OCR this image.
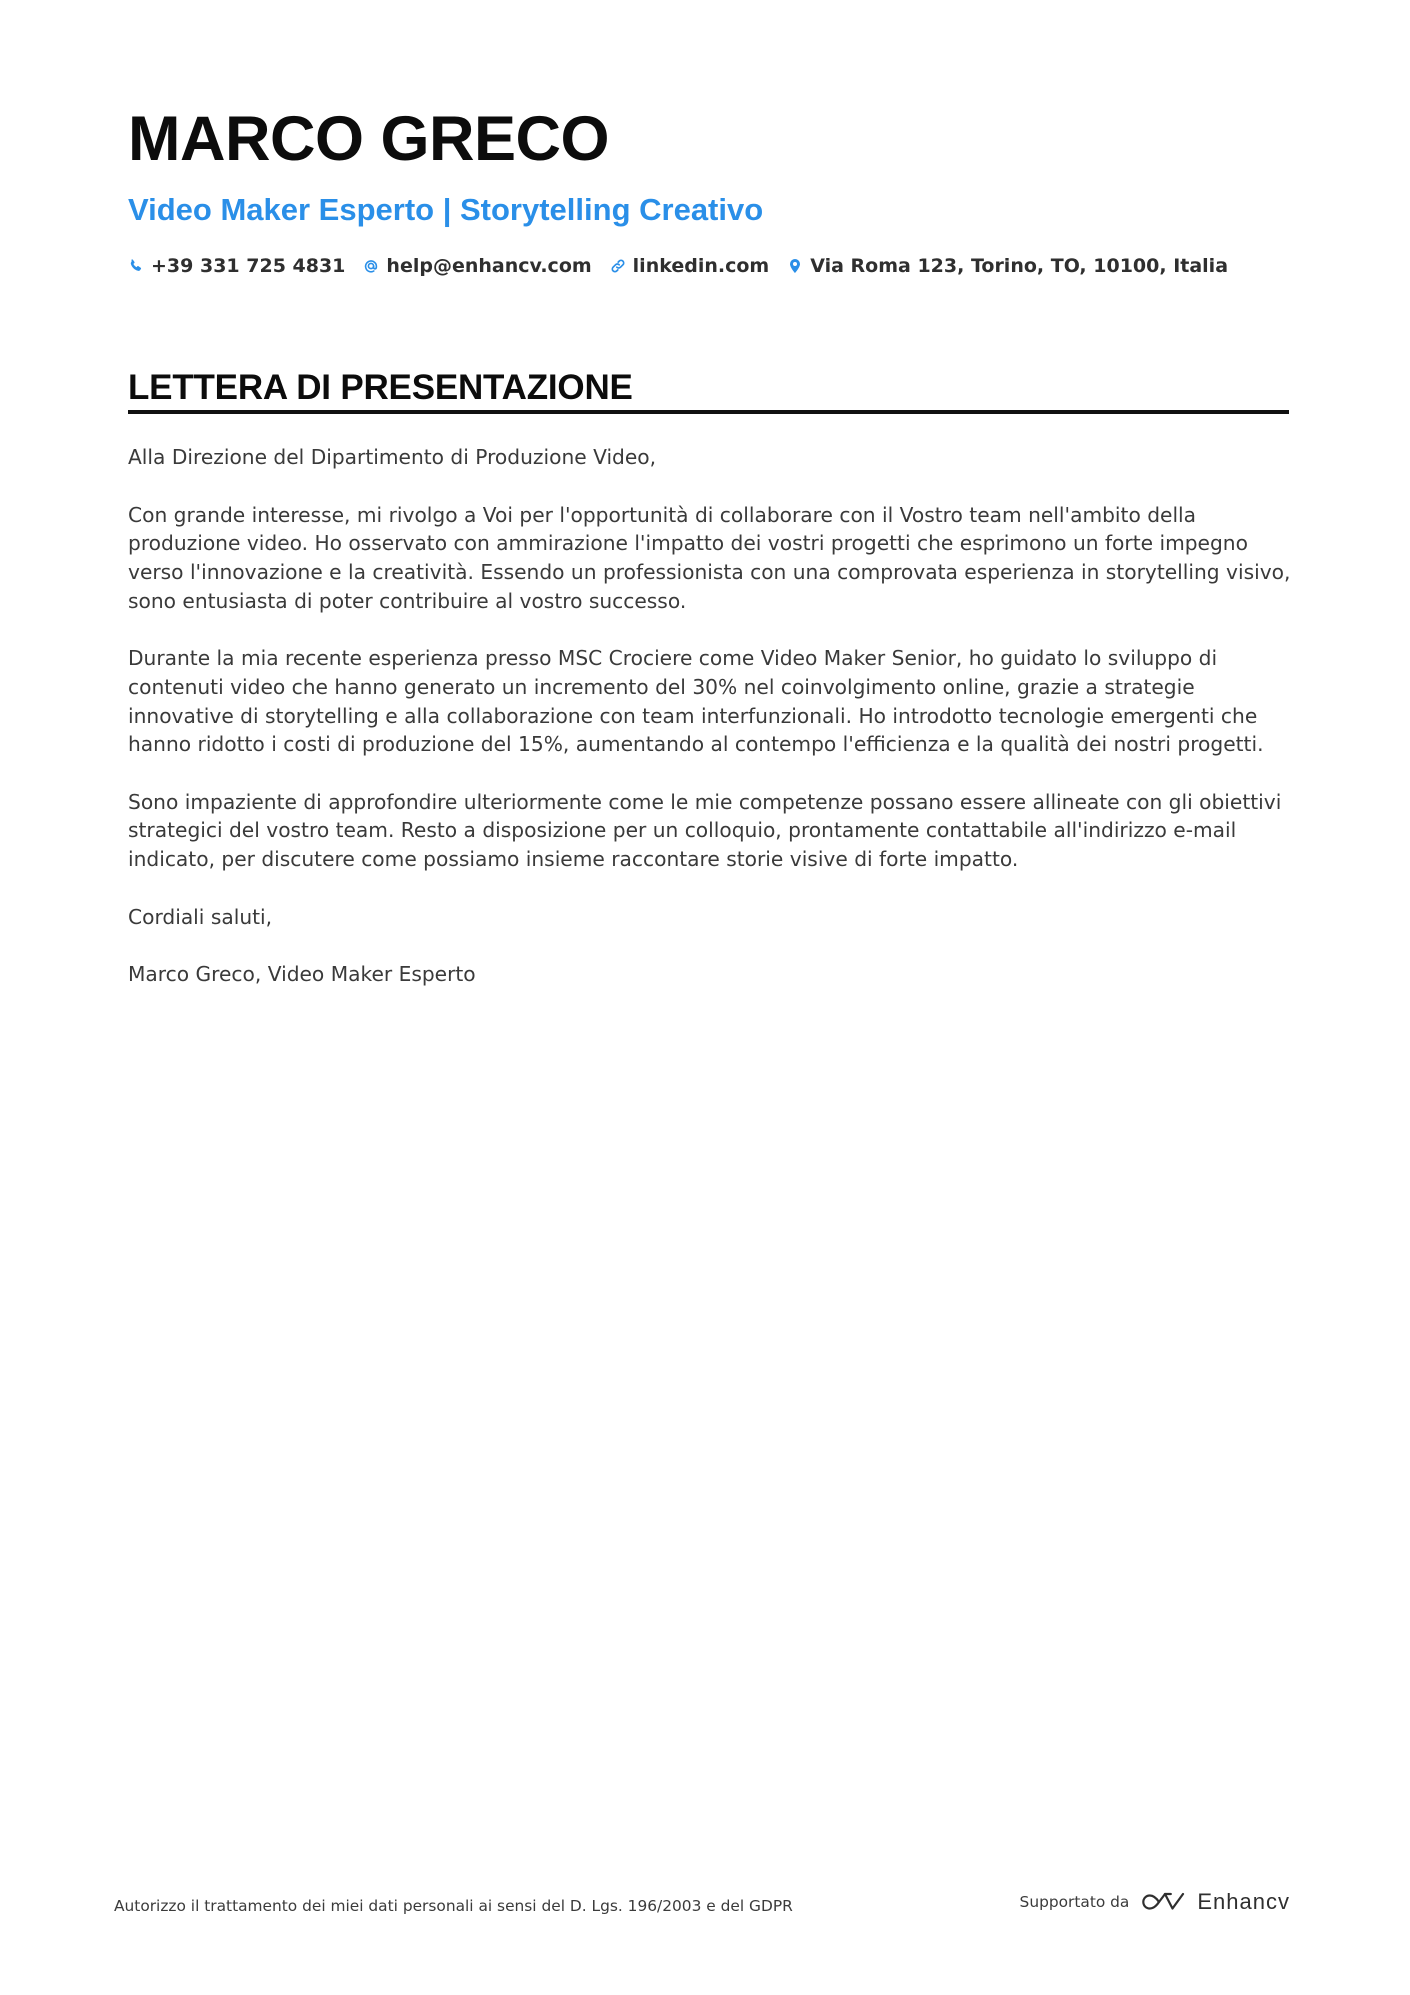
MARCO GRECO
Video Maker Esperto | Storytelling Creativo
+39 331 725 4831 help@enhancv.com linkedin.com Via Roma 123, Torino, TO, 10100, Italia
LETTERA DI PRESENTAZIONE

Alla Direzione del Dipartimento di Produzione Video,

Con grande interesse, mi rivolgo a Voi per l'opportunità di collaborare con il Vostro team nell'ambito della produzione video. Ho osservato con ammirazione l'impatto dei vostri progetti che esprimono un forte impegno verso l'innovazione e la creatività. Essendo un professionista con una comprovata esperienza in storytelling visivo, sono entusiasta di poter contribuire al vostro successo.

Durante la mia recente esperienza presso MSC Crociere come Video Maker Senior, ho guidato lo sviluppo di contenuti video che hanno generato un incremento del 30% nel coinvolgimento online, grazie a strategie innovative di storytelling e alla collaborazione con team interfunzionali. Ho introdotto tecnologie emergenti che hanno ridotto i costi di produzione del 15%, aumentando al contempo l'efficienza e la qualità dei nostri progetti.

Sono impaziente di approfondire ulteriormente come le mie competenze possano essere allineate con gli obiettivi strategici del vostro team. Resto a disposizione per un colloquio, prontamente contattabile all'indirizzo e-mail indicato, per discutere come possiamo insieme raccontare storie visive di forte impatto.

Cordiali saluti,

Marco Greco, Video Maker Esperto

Autorizzo il trattamento dei miei dati personali ai sensi del D. Lgs. 196/2003 e del GDPR	Supportato da	Enhancv
